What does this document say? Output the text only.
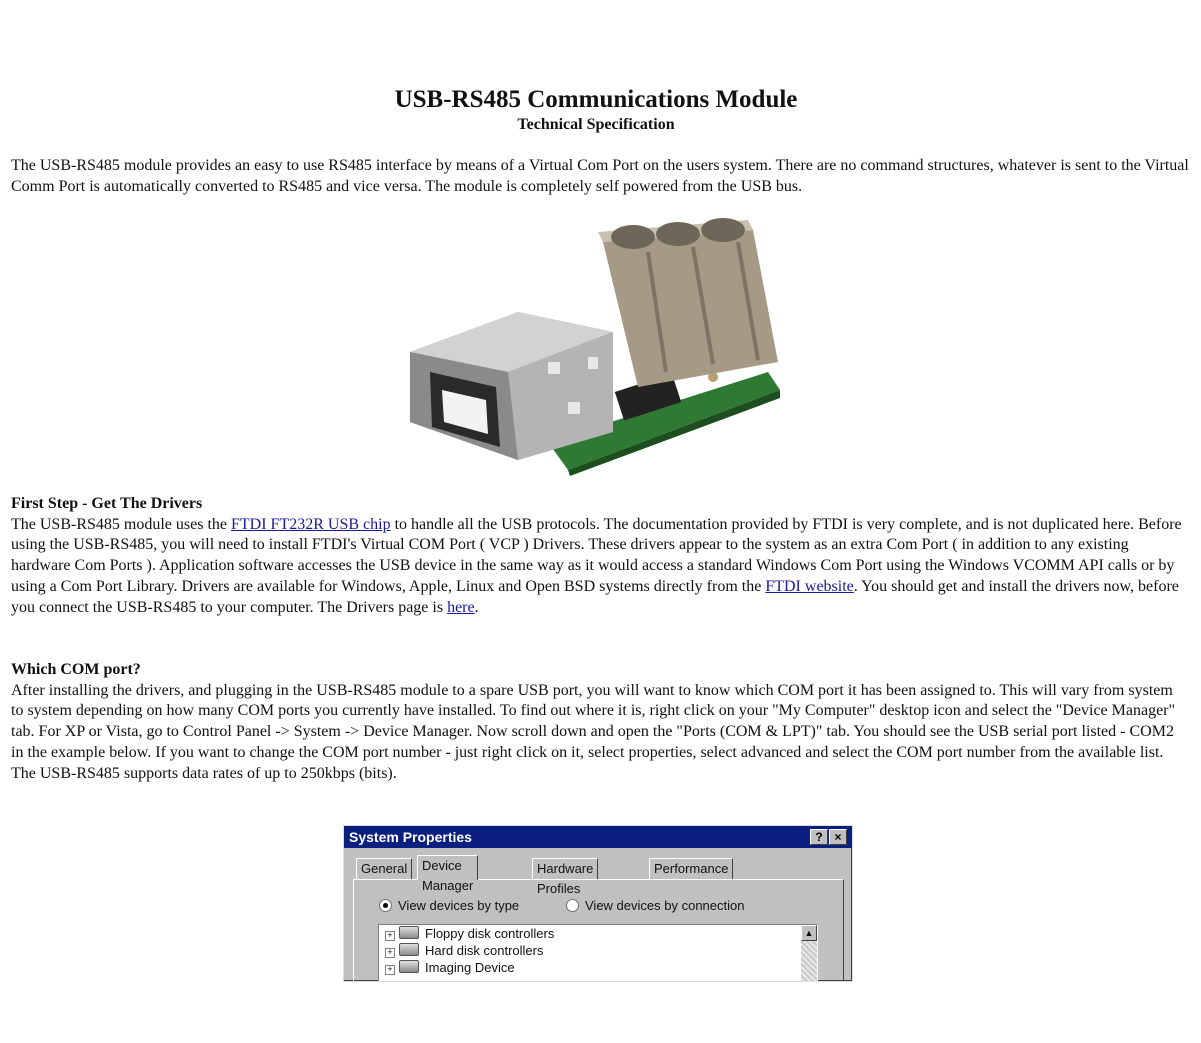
USB-RS485 Communications Module
Technical Specification

The USB-RS485 module provides an easy to use RS485 interface by means of a Virtual Com Port on the users system. There are no command structures, whatever is sent to the Virtual Comm Port is automatically converted to RS485 and vice versa. The module is completely self powered from the USB bus.

First Step - Get The Drivers
The USB-RS485 module uses the FTDI FT232R USB chip to handle all the USB protocols. The documentation provided by FTDI is very complete, and is not duplicated here. Before using the USB-RS485, you will need to install FTDI's Virtual COM Port ( VCP ) Drivers. These drivers appear to the system as an extra Com Port ( in addition to any existing hardware Com Ports ). Application software accesses the USB device in the same way as it would access a standard Windows Com Port using the Windows VCOMM API calls or by using a Com Port Library. Drivers are available for Windows, Apple, Linux and Open BSD systems directly from the FTDI website. You should get and install the drivers now, before you connect the USB-RS485 to your computer. The Drivers page is here.
Which COM port?
After installing the drivers, and plugging in the USB-RS485 module to a spare USB port, you will want to know which COM port it has been assigned to. This will vary from system to system depending on how many COM ports you currently have installed. To find out where it is, right click on your "My Computer" desktop icon and select the "Device Manager" tab. For XP or Vista, go to Control Panel -> System -> Device Manager. Now scroll down and open the "Ports (COM & LPT)" tab. You should see the USB serial port listed - COM2 in the example below. If you want to change the COM port number - just right click on it, select properties, select advanced and select the COM port number from the available list. The USB-RS485 supports data rates of up to 250kbps (bits).
System Properties	? ×
General	Device Manager
Hardware Profiles
Performance
View devices by type	View devices by connection
+ Floppy disk controllers
+ Hard disk controllers
+ Imaging Device
▲
